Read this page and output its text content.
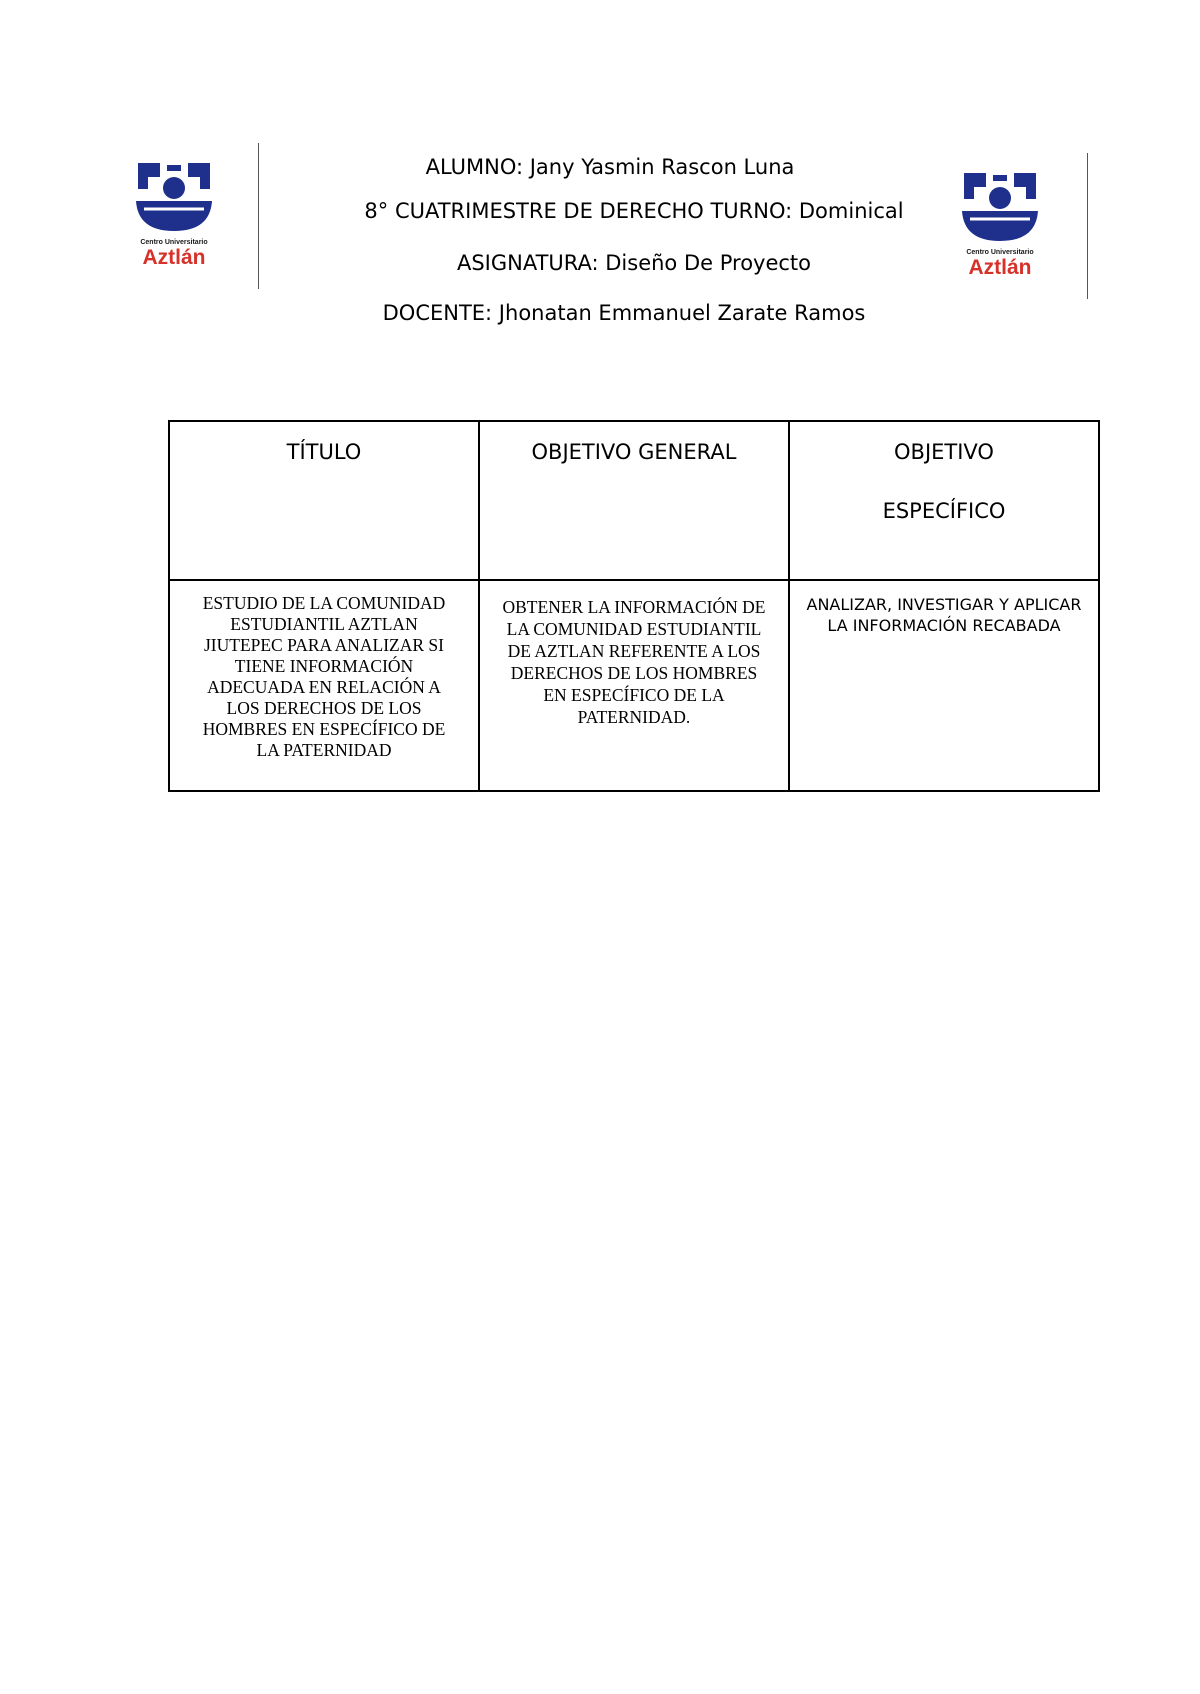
Centro Universitario
Aztlán	Centro Universitario
Aztlán
ALUMNO: Jany Yasmin Rascon Luna
8° CUATRIMESTRE DE DERECHO TURNO: Dominical
ASIGNATURA: Diseño De Proyecto
DOCENTE: Jhonatan Emmanuel Zarate Ramos
TÍTULO	OBJETIVO GENERAL	OBJETIVO
ESPECÍFICO

ESTUDIO DE LA COMUNIDAD ESTUDIANTIL AZTLAN JIUTEPEC PARA ANALIZAR SI TIENE INFORMACIÓN ADECUADA EN RELACIÓN A LOS DERECHOS DE LOS HOMBRES EN ESPECÍFICO DE LA PATERNIDAD	OBTENER LA INFORMACIÓN DE LA COMUNIDAD ESTUDIANTIL DE AZTLAN REFERENTE A LOS DERECHOS DE LOS HOMBRES EN ESPECÍFICO DE LA PATERNIDAD.	ANALIZAR, INVESTIGAR Y APLICAR LA INFORMACIÓN RECABADA
